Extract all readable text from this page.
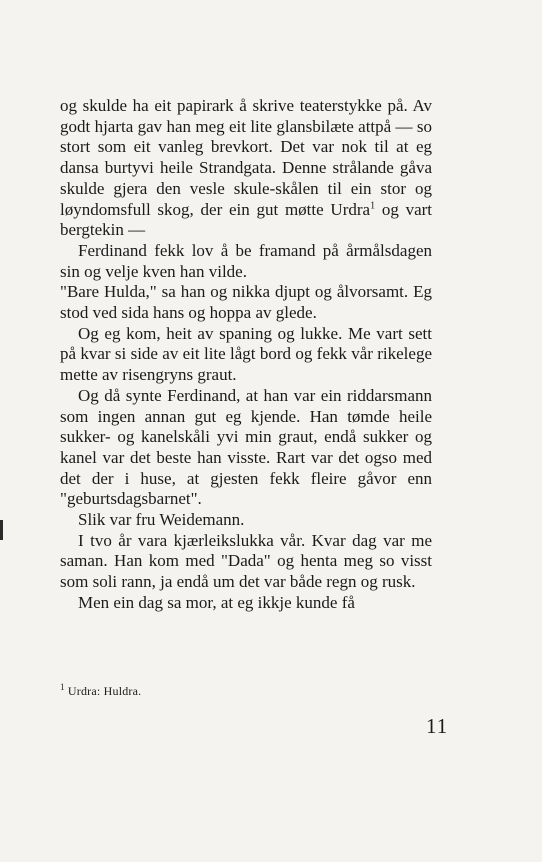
og skulde ha eit papirark å skrive teaterstykke på. Av godt hjarta gav han meg eit lite glansbilæte attpå — so stort som eit vanleg brevkort. Det var nok til at eg dansa burtyvi heile Strandgata. Denne strålande gåva skulde gjera den vesle skule-skålen til ein stor og løyndomsfull skog, der ein gut møtte Urdra$^1$ og vart bergtekin —

Ferdinand fekk lov å be framand på årmålsdagen sin og velje kven han vilde.

"Bare Hulda," sa han og nikka djupt og ålvorsamt. Eg stod ved sida hans og hoppa av glede.

Og eg kom, heit av spaning og lukke. Me vart sett på kvar si side av eit lite lågt bord og fekk vår rikelege mette av risengryns graut.

Og då synte Ferdinand, at han var ein riddarsmann som ingen annan gut eg kjende. Han tømde heile sukker- og kanelskåli yvi min graut, endå sukker og kanel var det beste han visste. Rart var det ogso med det der i huse, at gjesten fekk fleire gåvor enn "geburtsdagsbarnet".

Slik var fru Weidemann.

I tvo år vara kjærleikslukka vår. Kvar dag var me saman. Han kom med "Dada" og henta meg so visst som soli rann, ja endå um det var både regn og rusk.

Men ein dag sa mor, at eg ikkje kunde få

$^1$ Urdra: Huldra.
11
